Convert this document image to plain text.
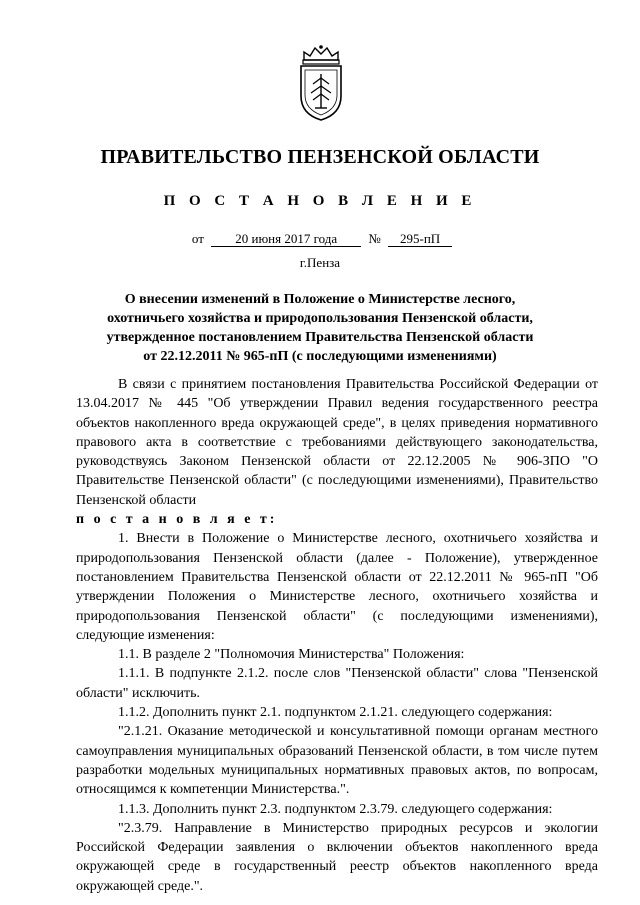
ПРАВИТЕЛЬСТВО ПЕНЗЕНСКОЙ ОБЛАСТИ
П О С Т А Н О В Л Е Н И Е
от 20 июня 2017 года № 295-пП
г.Пенза
О внесении изменений в Положение о Министерстве лесного,
охотничьего хозяйства и природопользования Пензенской области,
утвержденное постановлением Правительства Пензенской области
от 22.12.2011 № 965-пП (с последующими изменениями)

В связи с принятием постановления Правительства Российской Федерации от 13.04.2017 № 445 "Об утверждении Правил ведения государственного реестра объектов накопленного вреда окружающей среде", в целях приведения нормативного правового акта в соответствие с требованиями действующего законодательства, руководствуясь Законом Пензенской области от 22.12.2005 № 906-ЗПО "О Правительстве Пензенской области" (с последующими изменениями), Правительство Пензенской области

п о с т а н о в л я е т:

1. Внести в Положение о Министерстве лесного, охотничьего хозяйства и природопользования Пензенской области (далее - Положение), утвержденное постановлением Правительства Пензенской области от 22.12.2011 № 965-пП "Об утверждении Положения о Министерстве лесного, охотничьего хозяйства и природопользования Пензенской области" (с последующими изменениями), следующие изменения:

1.1. В разделе 2 "Полномочия Министерства" Положения:

1.1.1. В подпункте 2.1.2. после слов "Пензенской области" слова "Пензенской области" исключить.

1.1.2. Дополнить пункт 2.1. подпунктом 2.1.21. следующего содержания:

"2.1.21. Оказание методической и консультативной помощи органам местного самоуправления муниципальных образований Пензенской области, в том числе путем разработки модельных муниципальных нормативных правовых актов, по вопросам, относящимся к компетенции Министерства.".

1.1.3. Дополнить пункт 2.3. подпунктом 2.3.79. следующего содержания:

"2.3.79. Направление в Министерство природных ресурсов и экологии Российской Федерации заявления о включении объектов накопленного вреда окружающей среде в государственный реестр объектов накопленного вреда окружающей среде.".
